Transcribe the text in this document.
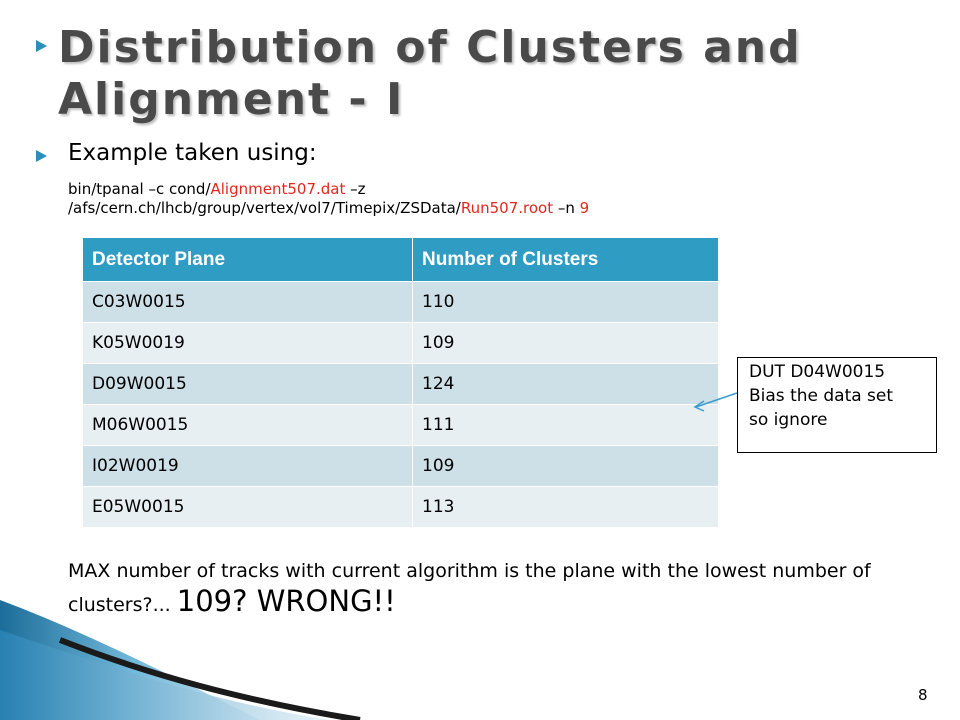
Distribution of Clusters and Alignment - I
Example taken using:
bin/tpanal –c cond/Alignment507.dat –z
/afs/cern.ch/lhcb/group/vertex/vol7/Timepix/ZSData/Run507.root –n 9
Detector Plane	Number of Clusters
C03W0015	110
K05W0019	109
D09W0015	124
M06W0015	111
I02W0019	109
E05W0015	113
DUT D04W0015
Bias the data set
so ignore
MAX number of tracks with current algorithm is the plane with the lowest number of clusters?... 109? WRONG!!
8
